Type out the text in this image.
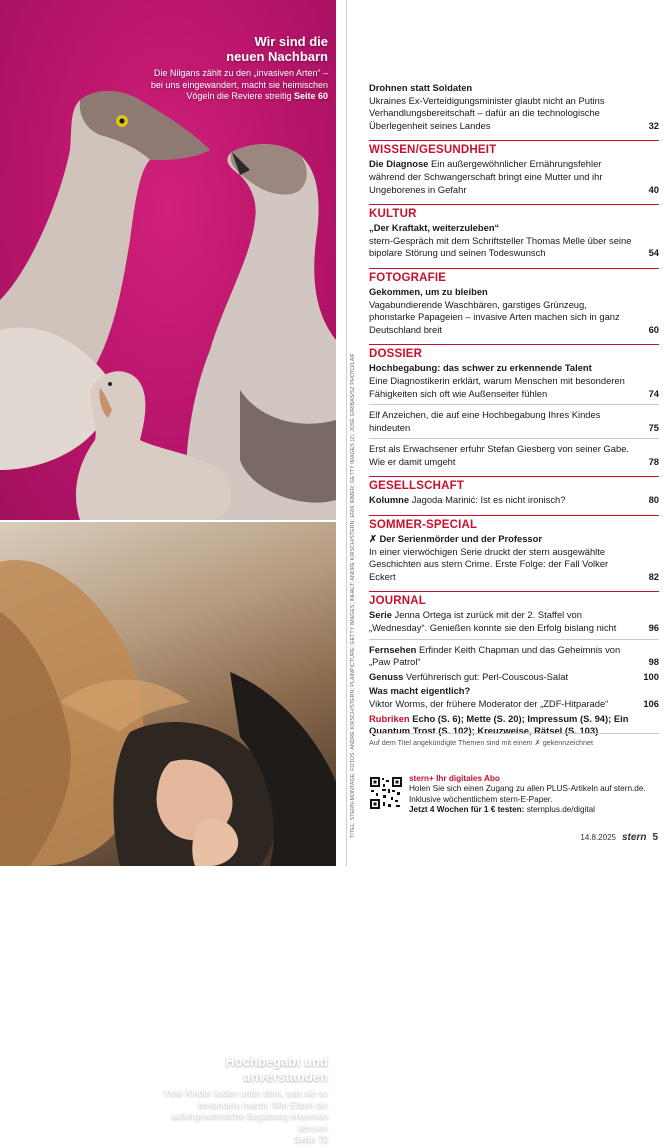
Wir sind die
neuen Nachbarn
Die Nilgans zählt zu den „invasiven Arten“ – bei uns eingewandert, macht sie heimischen Vögeln die Reviere streitig Seite 60
Hochbegabt und
unverstanden
Viele Kinder leiden unter dem, was sie so besonders macht. Wie Eltern die außergewöhnliche Begabung erkennen können
Seite 72
TITEL: STERN-MONTAGE; FOTOS: ANDRE KIRSCH/STERN; PLAINPICTURE; GETTY IMAGES; INHALT: ANDRE KIRSCH/STERN; ERIK IRMER; GETTY IMAGES (2); JOSE GIRIBAS/SZ PHOTO/LAIF
Drohnen statt Soldaten
Ukraines Ex-Verteidigungsminister glaubt nicht an Putins Verhandlungsbereitschaft – dafür an die technologische Überlegenheit seines Landes	32
WISSEN/GESUNDHEIT
Die Diagnose Ein außergewöhnlicher Ernährungsfehler während der Schwangerschaft bringt eine Mutter und ihr Ungeborenes in Gefahr	40
KULTUR
„Der Kraftakt, weiterzuleben“
stern-Gespräch mit dem Schriftsteller Thomas Melle über seine bipolare Störung und seinen Todeswunsch	54
FOTOGRAFIE
Gekommen, um zu bleiben
Vagabundierende Waschbären, garstiges Grünzeug, phonstarke Papageien – invasive Arten machen sich in ganz Deutschland breit	60
DOSSIER
Hochbegabung: das schwer zu erkennende Talent
Eine Diagnostikerin erklärt, warum Menschen mit besonderen Fähigkeiten sich oft wie Außenseiter fühlen	74
Elf Anzeichen, die auf eine Hochbegabung Ihres Kindes hindeuten	75
Erst als Erwachsener erfuhr Stefan Giesberg von seiner Gabe. Wie er damit umgeht	78
GESELLSCHAFT
Kolumne Jagoda Marinić: Ist es nicht ironisch?	80
SOMMER-SPECIAL
✗ Der Serienmörder und der Professor
In einer vierwöchigen Serie druckt der stern ausgewählte Geschichten aus stern Crime. Erste Folge: der Fall Volker Eckert	82
JOURNAL
Serie Jenna Ortega ist zurück mit der 2. Staffel von „Wednesday“. Genießen konnte sie den Erfolg bislang nicht	96
Fernsehen Erfinder Keith Chapman und das Geheimnis von „Paw Patrol“	98
Genuss Verführerisch gut: Perl-Couscous-Salat	100
Was macht eigentlich?
Viktor Worms, der frühere Moderator der „ZDF-Hitparade“	106
Rubriken Echo (S. 6); Mette (S. 20); Impressum (S. 94); Ein Quantum Trost (S. 102); Kreuzweise, Rätsel (S. 103)
Auf dem Titel angekündigte Themen sind mit einem ✗ gekennzeichnet
stern+ Ihr digitales Abo
Holen Sie sich einen Zugang zu allen PLUS-Artikeln auf stern.de. Inklusive wöchentlichem stern-E-Paper.
Jetzt 4 Wochen für 1 € testen: sternplus.de/digital
14.8.2025 stern 5
